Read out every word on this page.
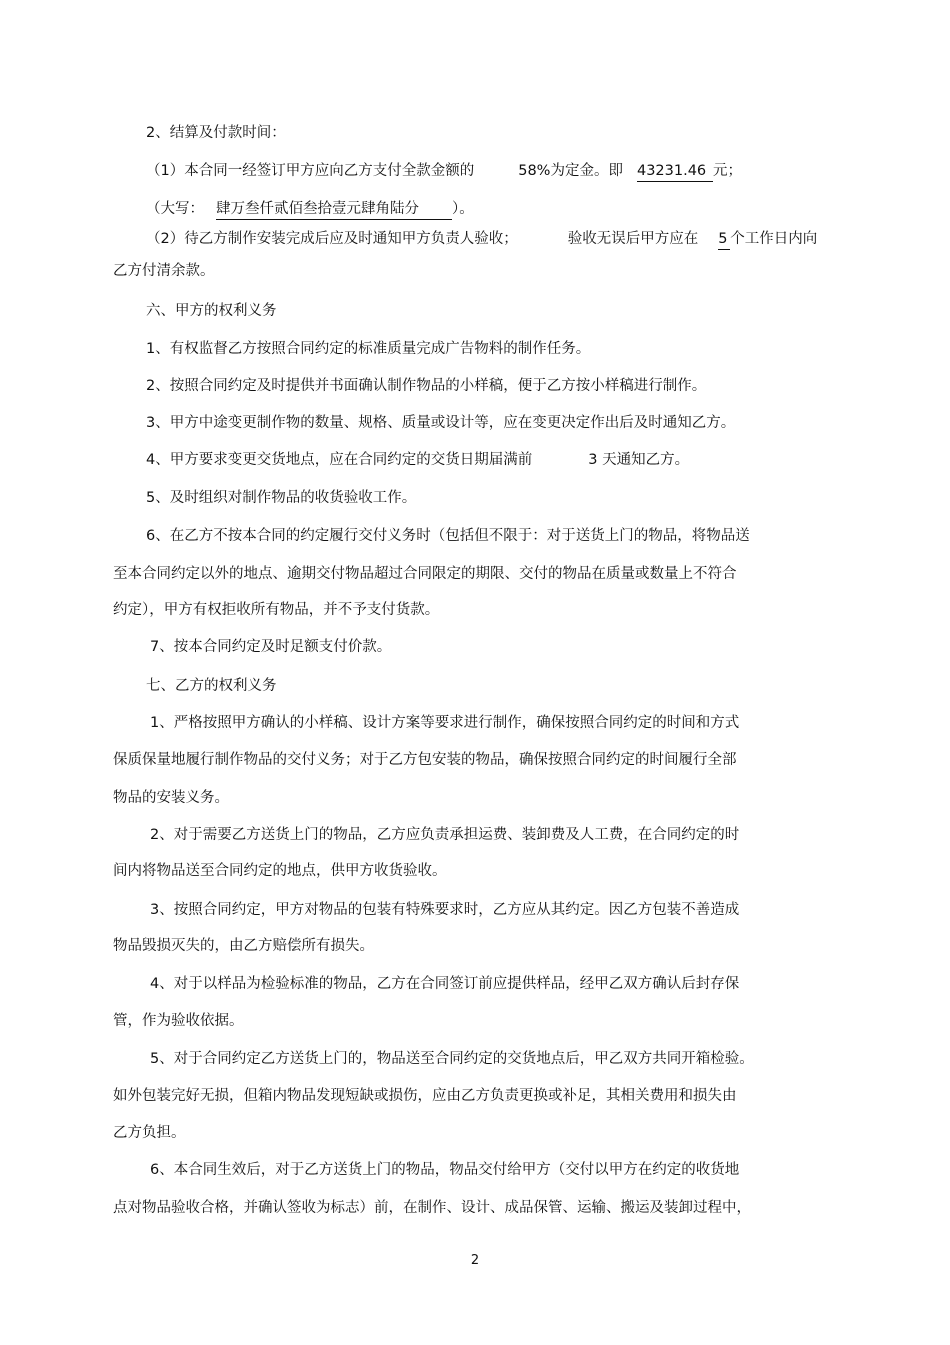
2、结算及付款时间：
（1）本合同一经签订甲方应向乙方支付全款金额的	58%为定金。即 43231.46 元；
（大写： 肆万叁仟贰佰叁拾壹元肆角陆分 ）。
（2）待乙方制作安装完成后应及时通知甲方负责人验收；	验收无误后甲方应在 5 个工作日内向
乙方付清余款。
六、甲方的权利义务
1、有权监督乙方按照合同约定的标准质量完成广告物料的制作任务。
2、按照合同约定及时提供并书面确认制作物品的小样稿，便于乙方按小样稿进行制作。
3、甲方中途变更制作物的数量、规格、质量或设计等，应在变更决定作出后及时通知乙方。
4、甲方要求变更交货地点，应在合同约定的交货日期届满前	3 天通知乙方。
5、及时组织对制作物品的收货验收工作。
6、在乙方不按本合同的约定履行交付义务时（包括但不限于：对于送货上门的物品，将物品送
至本合同约定以外的地点、逾期交付物品超过合同限定的期限、交付的物品在质量或数量上不符合
约定），甲方有权拒收所有物品，并不予支付货款。
7、按本合同约定及时足额支付价款。
七、乙方的权利义务
1、严格按照甲方确认的小样稿、设计方案等要求进行制作，确保按照合同约定的时间和方式
保质保量地履行制作物品的交付义务；对于乙方包安装的物品，确保按照合同约定的时间履行全部
物品的安装义务。
2、对于需要乙方送货上门的物品，乙方应负责承担运费、装卸费及人工费，在合同约定的时
间内将物品送至合同约定的地点，供甲方收货验收。
3、按照合同约定，甲方对物品的包装有特殊要求时，乙方应从其约定。因乙方包装不善造成
物品毁损灭失的，由乙方赔偿所有损失。
4、对于以样品为检验标准的物品，乙方在合同签订前应提供样品，经甲乙双方确认后封存保
管，作为验收依据。
5、对于合同约定乙方送货上门的，物品送至合同约定的交货地点后，甲乙双方共同开箱检验。
如外包装完好无损，但箱内物品发现短缺或损伤，应由乙方负责更换或补足，其相关费用和损失由
乙方负担。
6、本合同生效后，对于乙方送货上门的物品，物品交付给甲方（交付以甲方在约定的收货地
点对物品验收合格，并确认签收为标志）前，在制作、设计、成品保管、运输、搬运及装卸过程中，
2
